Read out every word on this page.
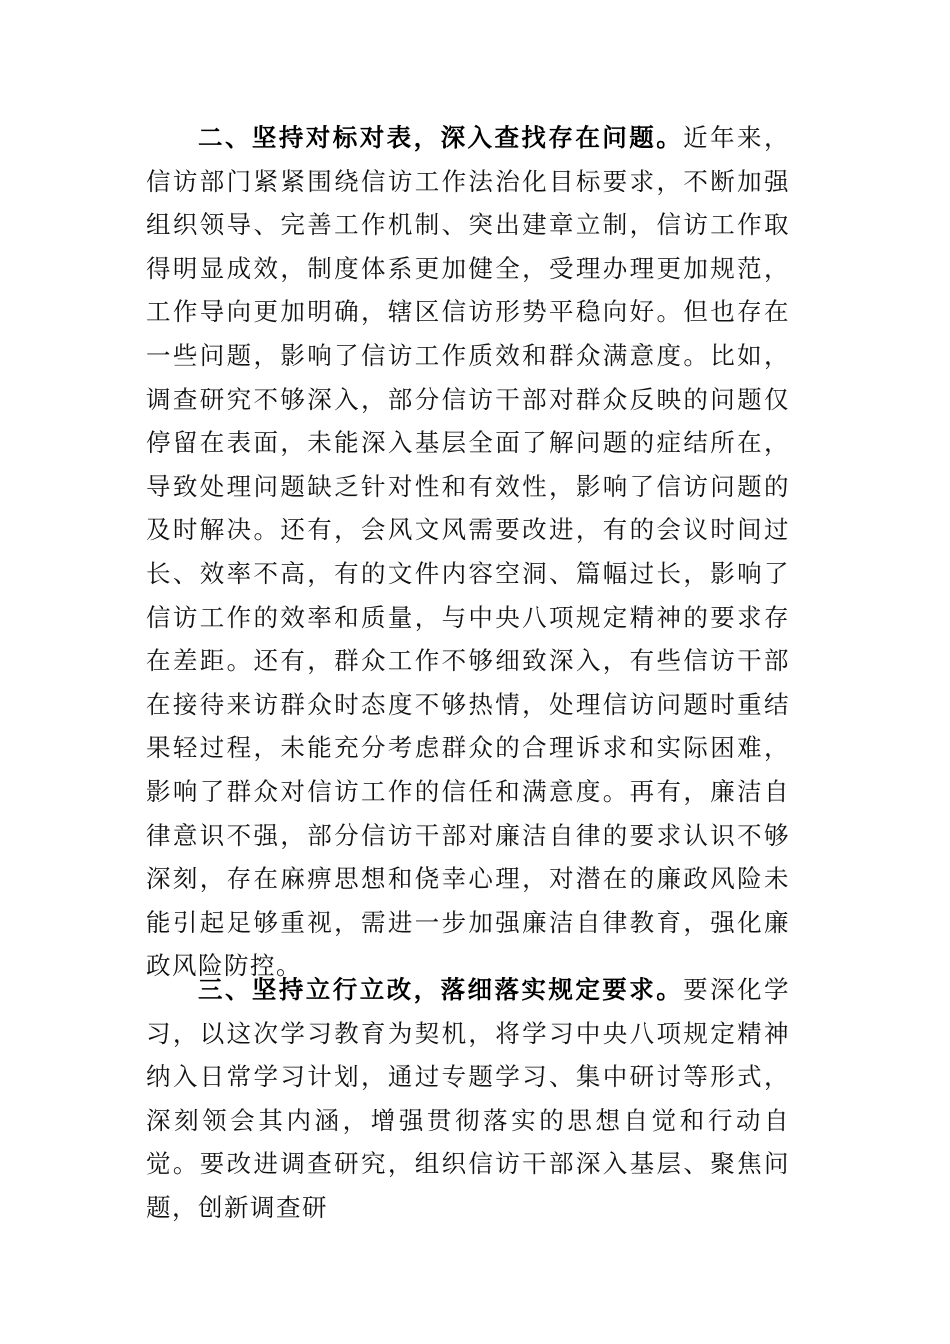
二、坚持对标对表，深入查找存在问题。近年来，信访部门紧紧围绕信访工作法治化目标要求，不断加强组织领导、完善工作机制、突出建章立制，信访工作取得明显成效，制度体系更加健全，受理办理更加规范，工作导向更加明确，辖区信访形势平稳向好。但也存在一些问题，影响了信访工作质效和群众满意度。比如，调查研究不够深入，部分信访干部对群众反映的问题仅停留在表面，未能深入基层全面了解问题的症结所在，导致处理问题缺乏针对性和有效性，影响了信访问题的及时解决。还有，会风文风需要改进，有的会议时间过长、效率不高，有的文件内容空洞、篇幅过长，影响了信访工作的效率和质量，与中央八项规定精神的要求存在差距。还有，群众工作不够细致深入，有些信访干部在接待来访群众时态度不够热情，处理信访问题时重结果轻过程，未能充分考虑群众的合理诉求和实际困难，影响了群众对信访工作的信任和满意度。再有，廉洁自律意识不强，部分信访干部对廉洁自律的要求认识不够深刻，存在麻痹思想和侥幸心理，对潜在的廉政风险未能引起足够重视，需进一步加强廉洁自律教育，强化廉政风险防控。

三、坚持立行立改，落细落实规定要求。要深化学习，以这次学习教育为契机，将学习中央八项规定精神纳入日常学习计划，通过专题学习、集中研讨等形式，深刻领会其内涵，增强贯彻落实的思想自觉和行动自觉。要改进调查研究，组织信访干部深入基层、聚焦问题，创新调查研
